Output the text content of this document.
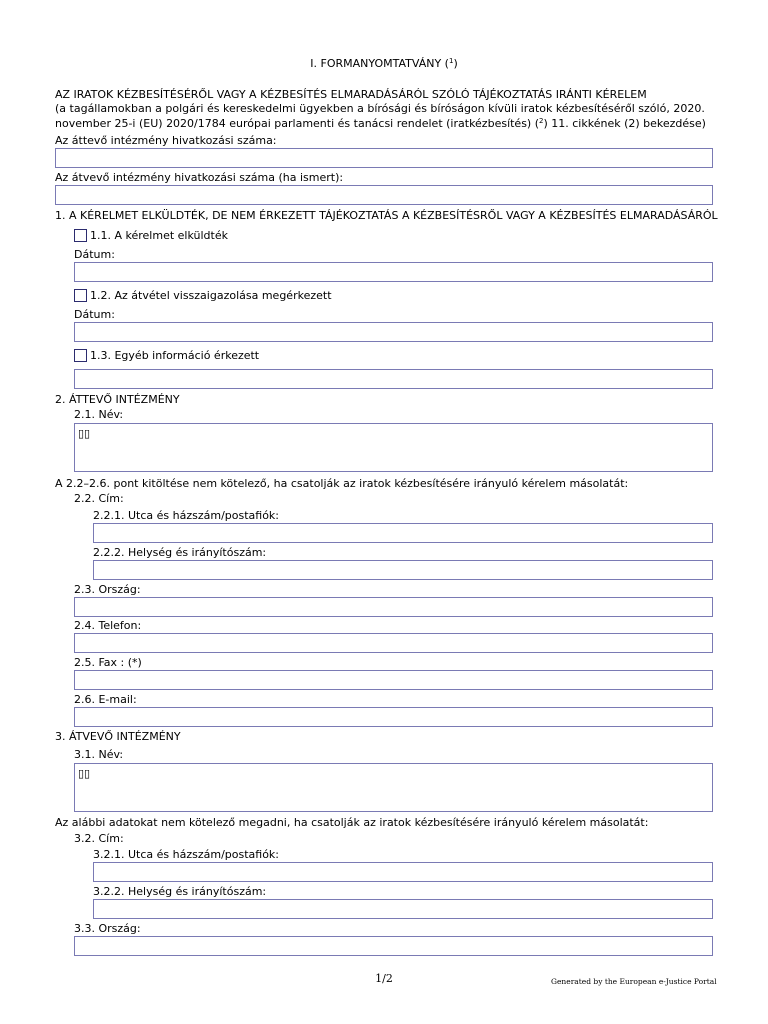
I. FORMANYOMTATVÁNY ($^1$)
AZ IRATOK KÉZBESÍTÉSÉRŐL VAGY A KÉZBESÍTÉS ELMARADÁSÁRÓL SZÓLÓ TÁJÉKOZTATÁS IRÁNTI KÉRELEM
(a tagállamokban a polgári és kereskedelmi ügyekben a bírósági és bíróságon kívüli iratok kézbesítéséről szóló, 2020.
november 25-i (EU) 2020/1784 európai parlamenti és tanácsi rendelet (iratkézbesítés) ($^2$) 11. cikkének (2) bekezdése)
Az áttevő intézmény hivatkozási száma:
Az átvevő intézmény hivatkozási száma (ha ismert):
1. A KÉRELMET ELKÜLDTÉK, DE NEM ÉRKEZETT TÁJÉKOZTATÁS A KÉZBESÍTÉSRŐL VAGY A KÉZBESÍTÉS ELMARADÁSÁRÓL
1.1. A kérelmet elküldték
Dátum:
1.2. Az átvétel visszaigazolása megérkezett
Dátum:
1.3. Egyéb információ érkezett
2. ÁTTEVŐ INTÉZMÉNY
2.1. Név:
▯▯
A 2.2–2.6. pont kitöltése nem kötelező, ha csatolják az iratok kézbesítésére irányuló kérelem másolatát:
2.2. Cím:
2.2.1. Utca és házszám/postafiók:
2.2.2. Helység és irányítószám:
2.3. Ország:
2.4. Telefon:
2.5. Fax : (*)
2.6. E-mail:
3. ÁTVEVŐ INTÉZMÉNY
3.1. Név:
▯▯
Az alábbi adatokat nem kötelező megadni, ha csatolják az iratok kézbesítésére irányuló kérelem másolatát:
3.2. Cím:
3.2.1. Utca és házszám/postafiók:
3.2.2. Helység és irányítószám:
3.3. Ország:
1/2	Generated by the European e-Justice Portal
